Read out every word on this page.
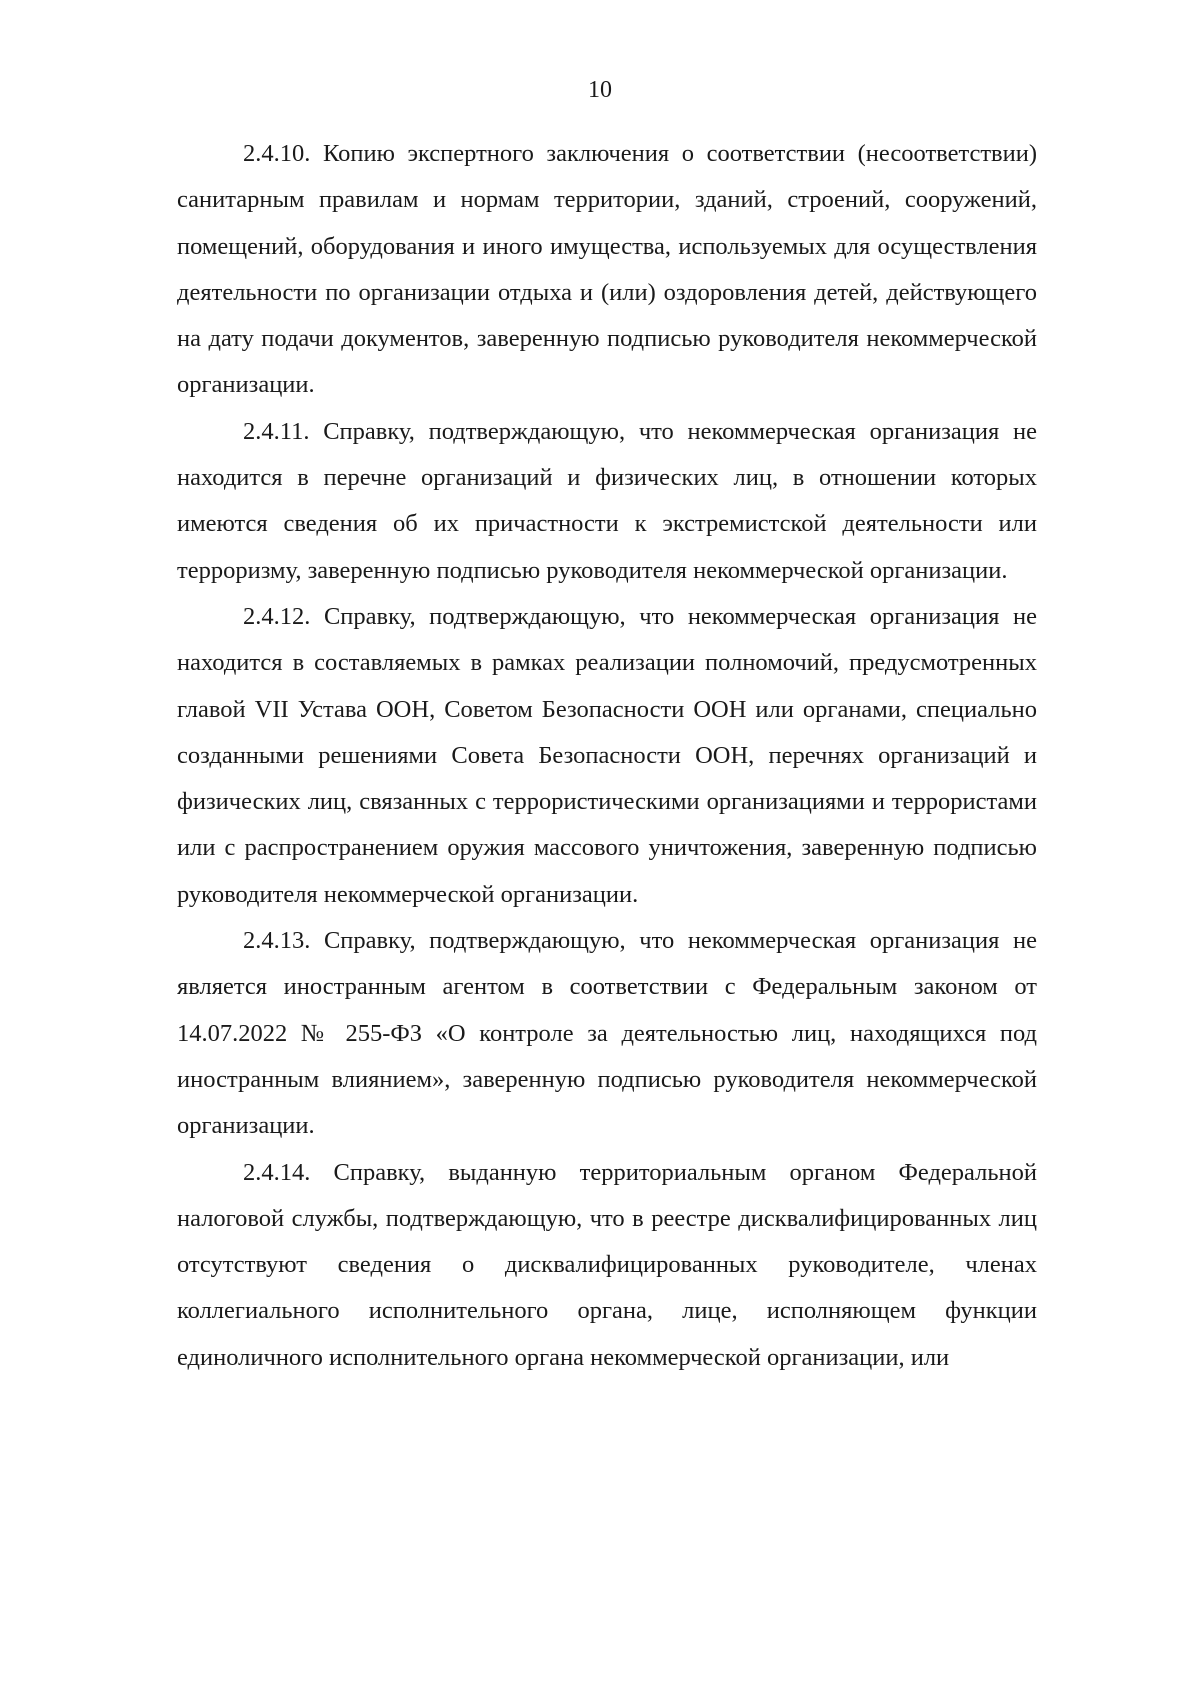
10

2.4.10. Копию экспертного заключения о соответствии (несоответствии) санитарным правилам и нормам территории, зданий, строений, сооружений, помещений, оборудования и иного имущества, используемых для осуществления деятельности по организации отдыха и (или) оздоровления детей, действующего на дату подачи документов, заверенную подписью руководителя некоммерческой организации.

2.4.11. Справку, подтверждающую, что некоммерческая организация не находится в перечне организаций и физических лиц, в отношении которых имеются сведения об их причастности к экстремистской деятельности или терроризму, заверенную подписью руководителя некоммерческой организации.

2.4.12. Справку, подтверждающую, что некоммерческая организация не находится в составляемых в рамках реализации полномочий, предусмотренных главой VII Устава ООН, Советом Безопасности ООН или органами, специально созданными решениями Совета Безопасности ООН, перечнях организаций и физических лиц, связанных с террористическими организациями и террористами или с распространением оружия массового уничтожения, заверенную подписью руководителя некоммерческой организации.

2.4.13. Справку, подтверждающую, что некоммерческая организация не является иностранным агентом в соответствии с Федеральным законом от 14.07.2022 № 255-ФЗ «О контроле за деятельностью лиц, находящихся под иностранным влиянием», заверенную подписью руководителя некоммерческой организации.

2.4.14. Справку, выданную территориальным органом Федеральной налоговой службы, подтверждающую, что в реестре дисквалифицированных лиц отсутствуют сведения о дисквалифицированных руководителе, членах коллегиального исполнительного органа, лице, исполняющем функции единоличного исполнительного органа некоммерческой организации, или
